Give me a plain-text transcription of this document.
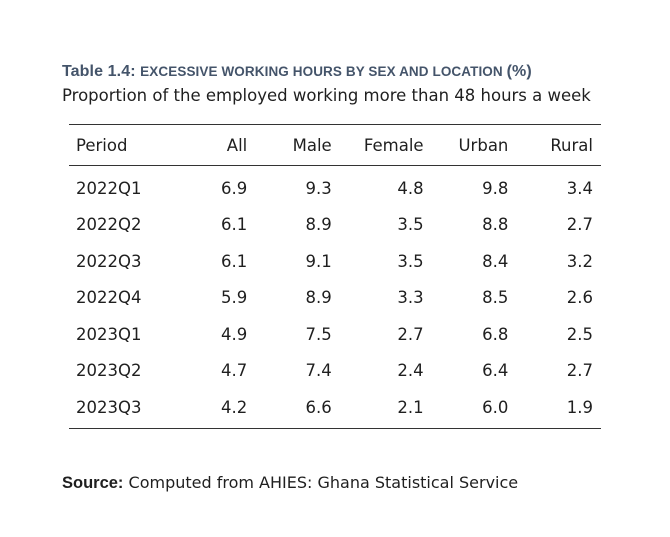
Table 1.4: EXCESSIVE WORKING HOURS BY SEX AND LOCATION (%)
Proportion of the employed working more than 48 hours a week
Period	All	Male	Female	Urban	Rural
2022Q1	6.9	9.3	4.8	9.8	3.4
2022Q2	6.1	8.9	3.5	8.8	2.7
2022Q3	6.1	9.1	3.5	8.4	3.2
2022Q4	5.9	8.9	3.3	8.5	2.6
2023Q1	4.9	7.5	2.7	6.8	2.5
2023Q2	4.7	7.4	2.4	6.4	2.7
2023Q3	4.2	6.6	2.1	6.0	1.9
Source: Computed from AHIES: Ghana Statistical Service
